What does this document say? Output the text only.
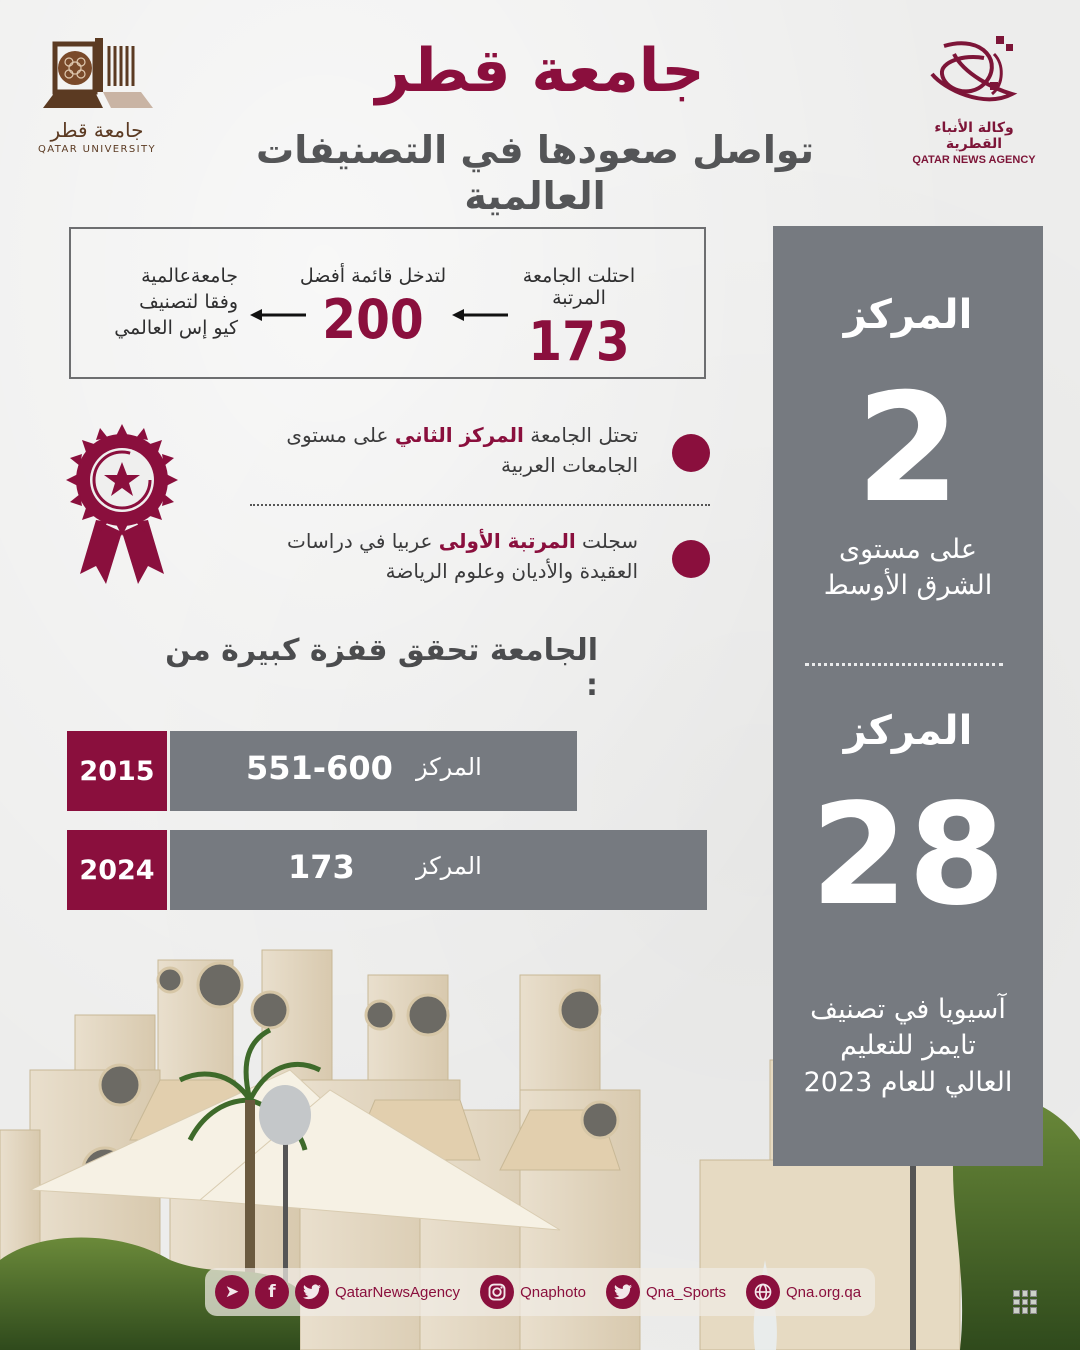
جامعة قطر
QATAR UNIVERSITY
وكالة الأنباء القطرية
QATAR NEWS AGENCY
جامعة قطر
تواصل صعودها في التصنيفات العالمية
احتلت الجامعة المرتبة
173
لتدخل قائمة أفضل
200
جامعةعالمية
وفقا لتصنيف
كيو إس العالمي
تحتل الجامعة المركز الثاني على مستوى الجامعات العربية
سجلت المرتبة الأولى عربيا في دراسات العقيدة والأديان وعلوم الرياضة
الجامعة تحقق قفزة كبيرة من :
2015	551-600 المركز
2024	173	المركز
المركز
2
على مستوى
الشرق الأوسط
المركز
28
آسيويا في تصنيف
تايمز للتعليم
العالي للعام 2023
➤	f	QatarNewsAgency	Qnaphoto	Qna_Sports	Qna.org.qa
